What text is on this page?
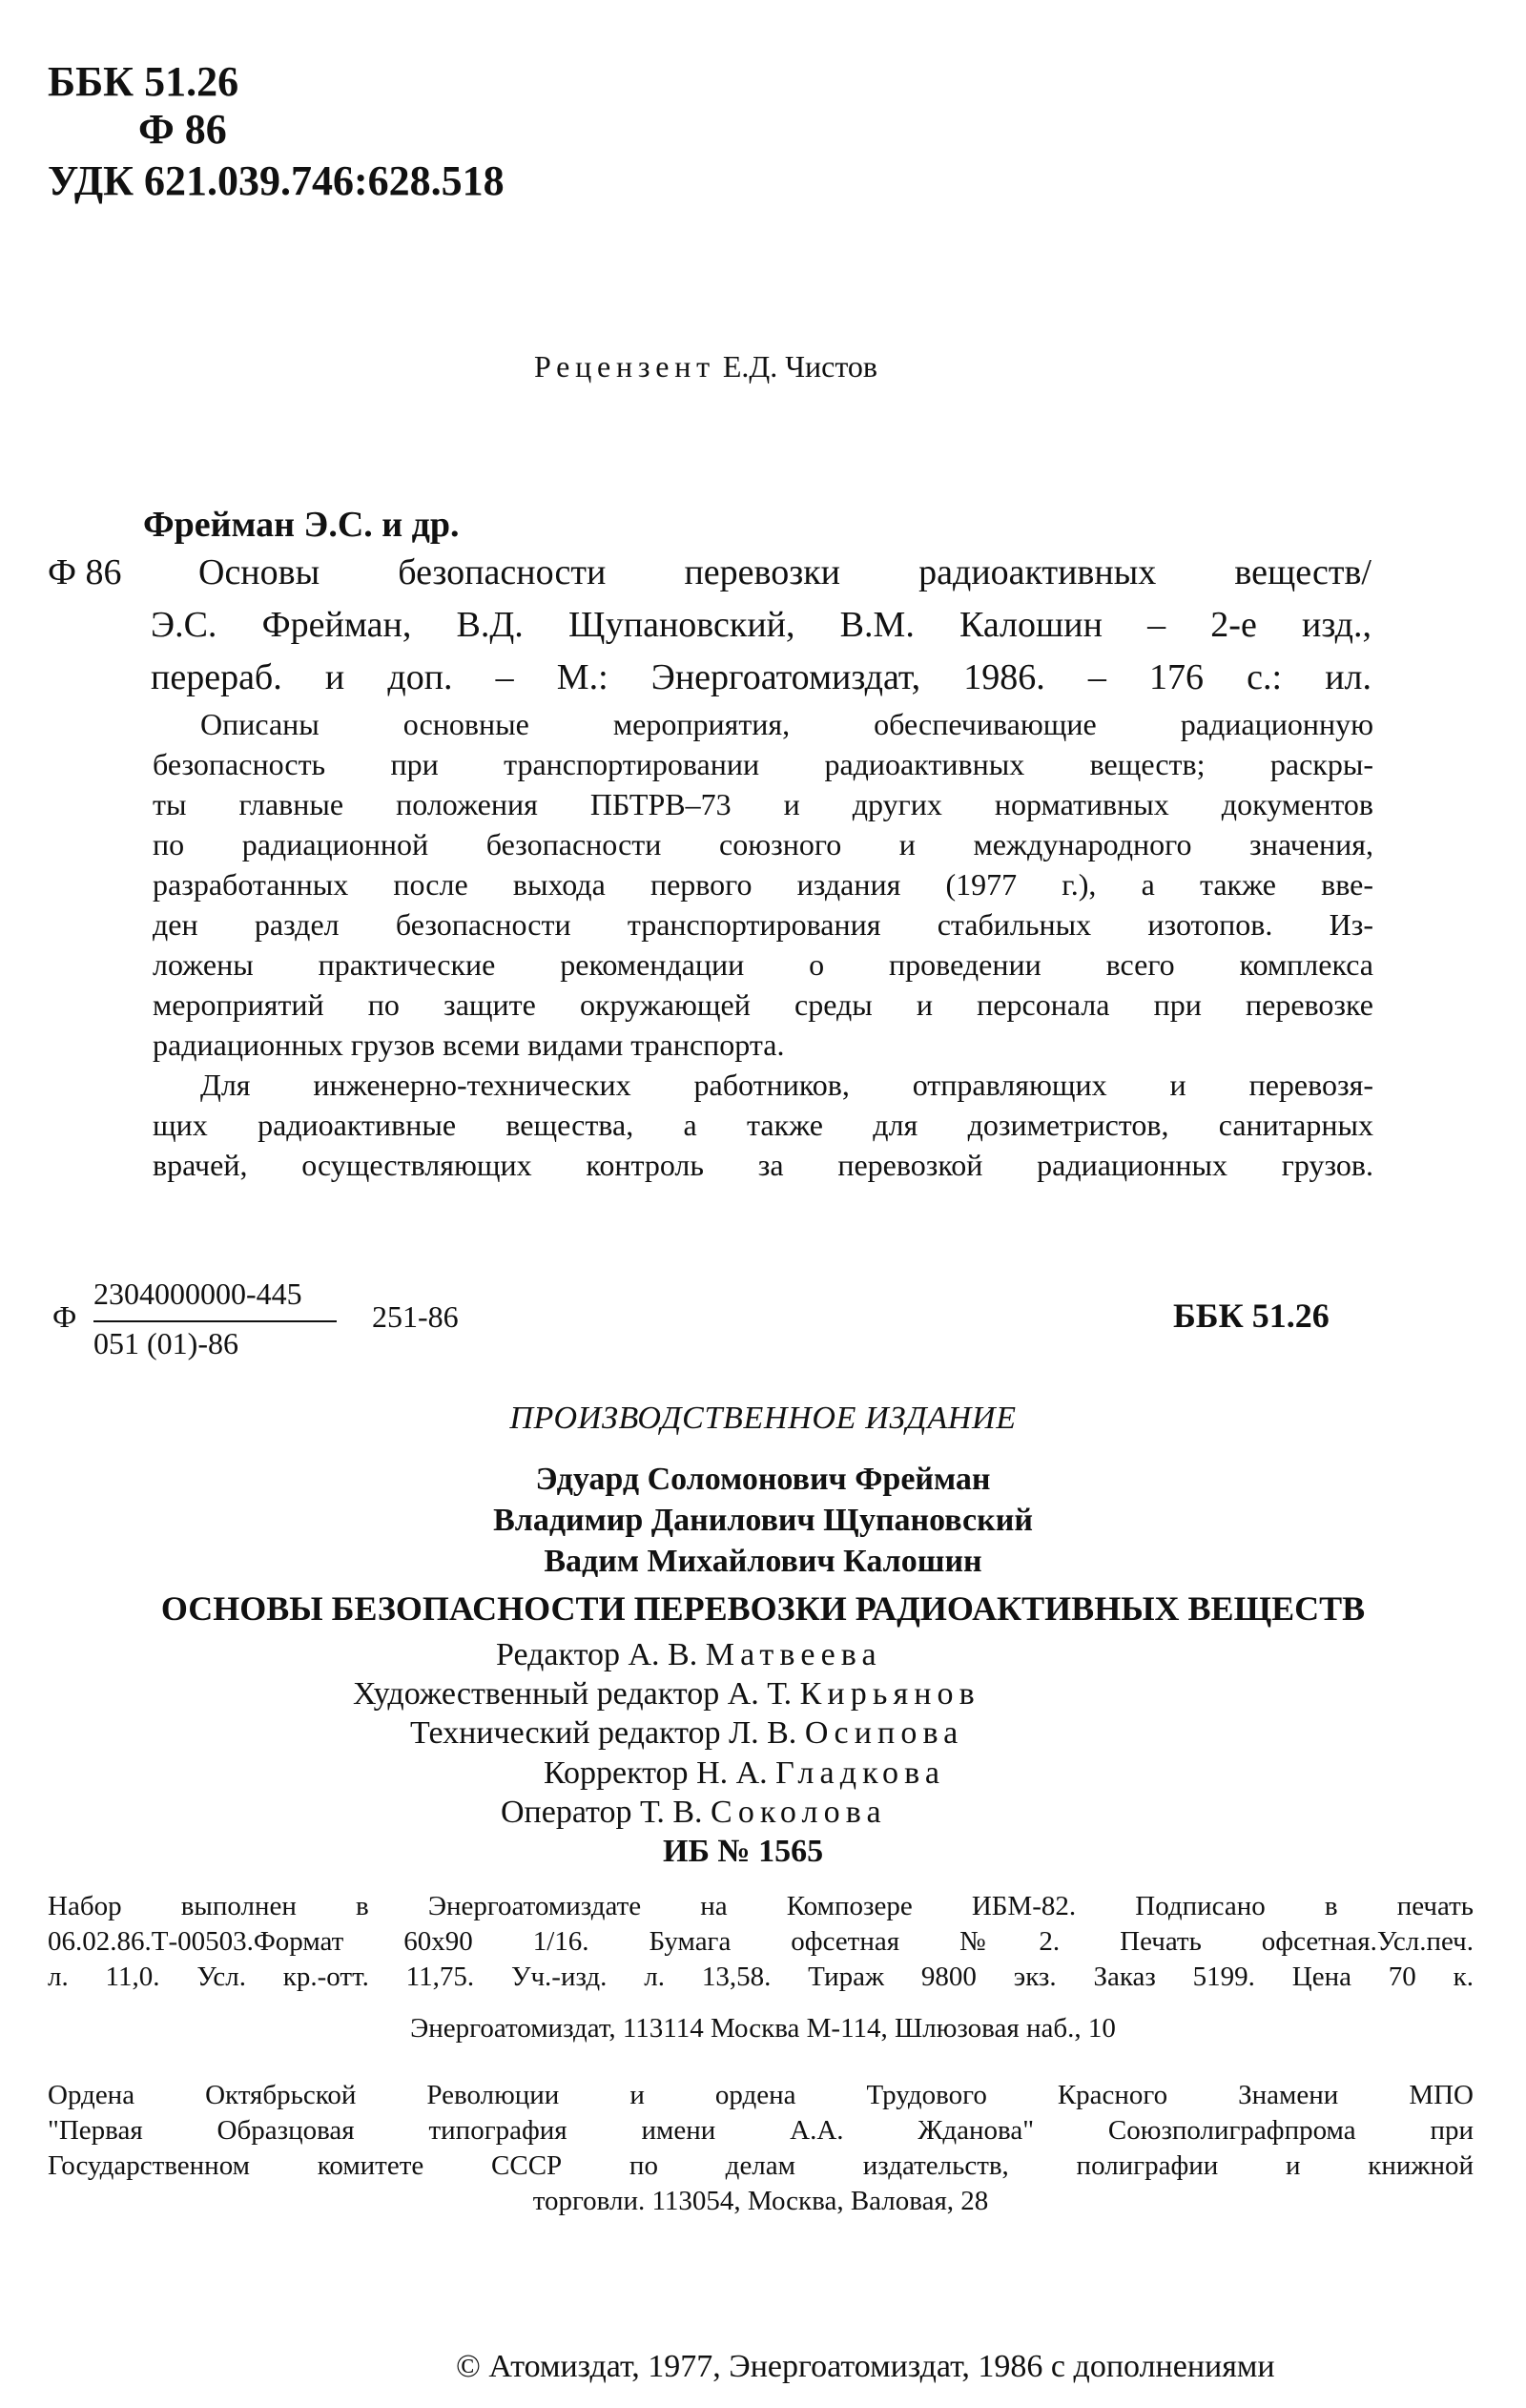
ББК 51.26
Ф 86
УДК 621.039.746:628.518
Рецензент Е.Д. Чистов
Фрейман Э.С. и др.
Ф 86 Основы безопасности перевозки радиоактивных веществ/
Э.С. Фрейман, В.Д. Щупановский, В.М. Калошин – 2-е изд.,
перераб. и доп. – М.: Энергоатомиздат, 1986. – 176 с.: ил.
Описаны основные мероприятия, обеспечивающие радиационную
безопасность при транспортировании радиоактивных веществ; раскры-
ты главные положения ПБТРВ–73 и других нормативных документов
по радиационной безопасности союзного и международного значения,
разработанных после выхода первого издания (1977 г.), а также вве-
ден раздел безопасности транспортирования стабильных изотопов. Из-
ложены практические рекомендации о проведении всего комплекса
мероприятий по защите окружающей среды и персонала при перевозке
радиационных грузов всеми видами транспорта.
Для инженерно-технических работников, отправляющих и перевозя-
щих радиоактивные вещества, а также для дозиметристов, санитарных
врачей, осуществляющих контроль за перевозкой радиационных грузов.
Ф
2304000000-445
051 (01)-86
251-86	ББК 51.26
ПРОИЗВОДСТВЕННОЕ ИЗДАНИЕ
Эдуард Соломонович Фрейман
Владимир Данилович Щупановский
Вадим Михайлович Калошин
ОСНОВЫ БЕЗОПАСНОСТИ ПЕРЕВОЗКИ РАДИОАКТИВНЫХ ВЕЩЕСТВ
Редактор А. В. Матвеева
Художественный редактор А. Т. Кирьянов
Технический редактор Л. В. Осипова
Корректор Н. А. Гладкова
Оператор Т. В. Соколова
ИБ № 1565
Набор выполнен в Энергоатомиздате на Композере ИБМ-82. Подписано в печать
06.02.86.Т-00503.Формат 60х90 1/16. Бумага офсетная №2. Печать офсетная.Усл.печ.
л. 11,0. Усл. кр.-отт. 11,75. Уч.-изд. л. 13,58. Тираж 9800 экз. Заказ 5199. Цена 70 к.
Энергоатомиздат, 113114 Москва М-114, Шлюзовая наб., 10
Ордена Октябрьской Революции и ордена Трудового Красного Знамени МПО
"Первая Образцовая типография имени А.А. Жданова" Союзполиграфпрома при
Государственном комитете СССР по делам издательств, полиграфии и книжной
торговли. 113054, Москва, Валовая, 28
© Атомиздат, 1977, Энергоатомиздат, 1986 с дополнениями
